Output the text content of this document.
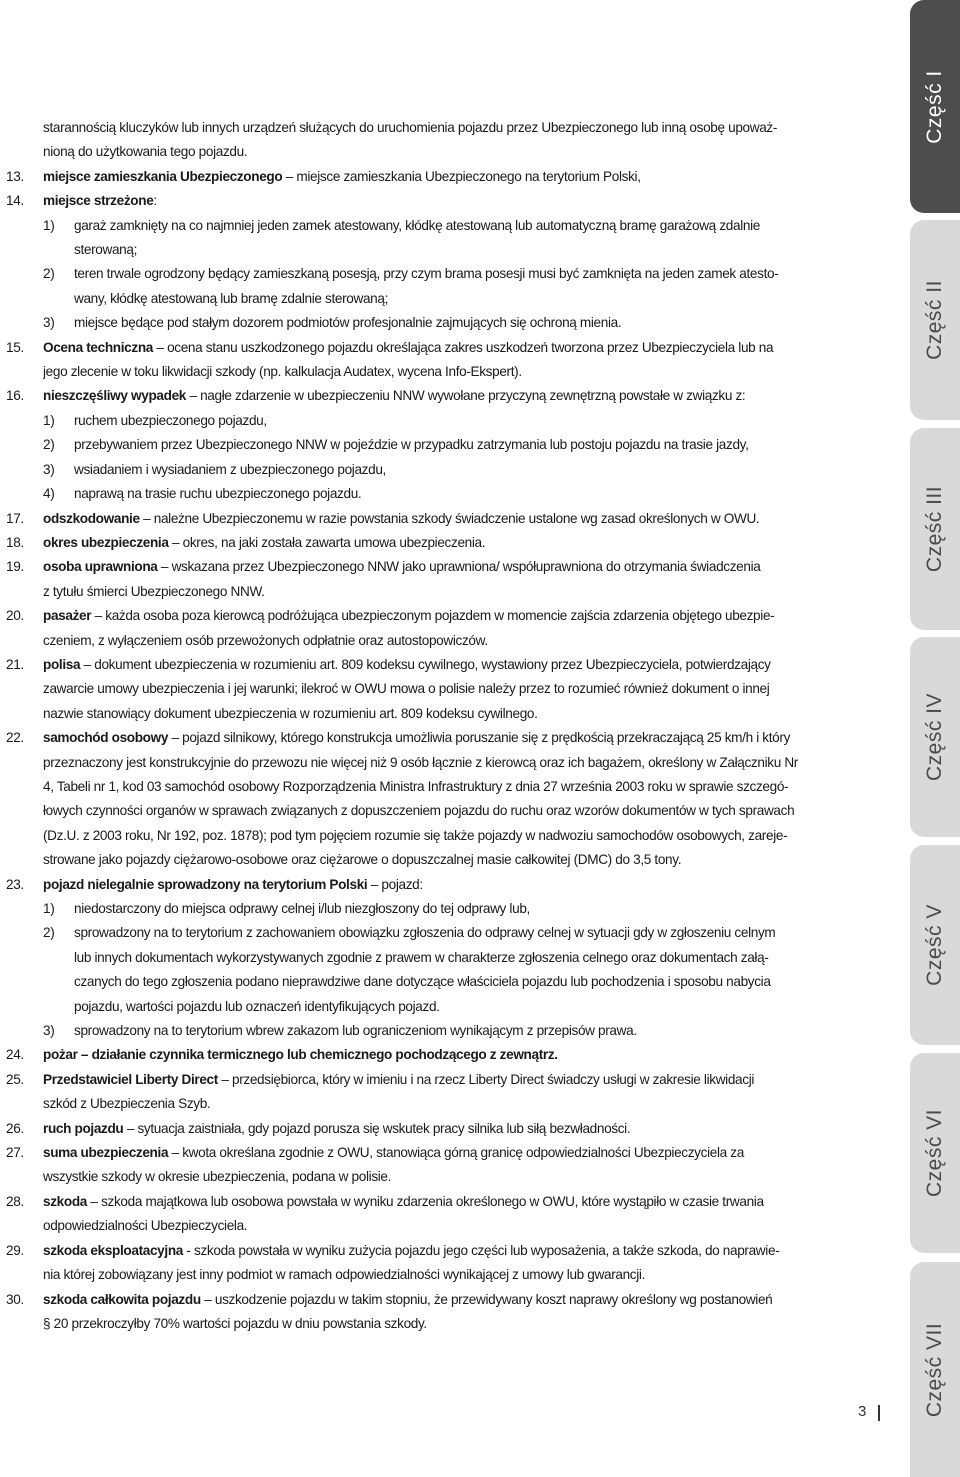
starannością kluczyków lub innych urządzeń służących do uruchomienia pojazdu przez Ubezpieczonego lub inną osobę upoważ-
nioną do użytkowania tego pojazdu.
13.	miejsce zamieszkania Ubezpieczonego – miejsce zamieszkania Ubezpieczonego na terytorium Polski,
14.	miejsce strzeżone:
1)	garaż zamknięty na co najmniej jeden zamek atestowany, kłódkę atestowaną lub automatyczną bramę garażową zdalnie
sterowaną;
2)	teren trwale ogrodzony będący zamieszkaną posesją, przy czym brama posesji musi być zamknięta na jeden zamek atesto-
wany, kłódkę atestowaną lub bramę zdalnie sterowaną;
3)	miejsce będące pod stałym dozorem podmiotów profesjonalnie zajmujących się ochroną mienia.
15.	Ocena techniczna – ocena stanu uszkodzonego pojazdu określająca zakres uszkodzeń tworzona przez Ubezpieczyciela lub na
jego zlecenie w toku likwidacji szkody (np. kalkulacja Audatex, wycena Info-Ekspert).
16.	nieszczęśliwy wypadek – nagłe zdarzenie w ubezpieczeniu NNW wywołane przyczyną zewnętrzną powstałe w związku z:
1)	ruchem ubezpieczonego pojazdu,
2)	przebywaniem przez Ubezpieczonego NNW w pojeździe w przypadku zatrzymania lub postoju pojazdu na trasie jazdy,
3)	wsiadaniem i wysiadaniem z ubezpieczonego pojazdu,
4)	naprawą na trasie ruchu ubezpieczonego pojazdu.
17.	odszkodowanie – należne Ubezpieczonemu w razie powstania szkody świadczenie ustalone wg zasad określonych w OWU.
18.	okres ubezpieczenia – okres, na jaki została zawarta umowa ubezpieczenia.
19.	osoba uprawniona – wskazana przez Ubezpieczonego NNW jako uprawniona/ współuprawniona do otrzymania świadczenia
z tytułu śmierci Ubezpieczonego NNW.
20.	pasażer – każda osoba poza kierowcą podróżująca ubezpieczonym pojazdem w momencie zajścia zdarzenia objętego ubezpie-
czeniem, z wyłączeniem osób przewożonych odpłatnie oraz autostopowiczów.
21.	polisa – dokument ubezpieczenia w rozumieniu art. 809 kodeksu cywilnego, wystawiony przez Ubezpieczyciela, potwierdzający
zawarcie umowy ubezpieczenia i jej warunki; ilekroć w OWU mowa o polisie należy przez to rozumieć również dokument o innej
nazwie stanowiący dokument ubezpieczenia w rozumieniu art. 809 kodeksu cywilnego.
22.	samochód osobowy – pojazd silnikowy, którego konstrukcja umożliwia poruszanie się z prędkością przekraczającą 25 km/h i który
przeznaczony jest konstrukcyjnie do przewozu nie więcej niż 9 osób łącznie z kierowcą oraz ich bagażem, określony w Załączniku Nr
4, Tabeli nr 1, kod 03 samochód osobowy Rozporządzenia Ministra Infrastruktury z dnia 27 września 2003 roku w sprawie szczegó-
łowych czynności organów w sprawach związanych z dopuszczeniem pojazdu do ruchu oraz wzorów dokumentów w tych sprawach
(Dz.U. z 2003 roku, Nr 192, poz. 1878); pod tym pojęciem rozumie się także pojazdy w nadwoziu samochodów osobowych, zareje-
strowane jako pojazdy ciężarowo-osobowe oraz ciężarowe o dopuszczalnej masie całkowitej (DMC) do 3,5 tony.
23.	pojazd nielegalnie sprowadzony na terytorium Polski – pojazd:
1)	niedostarczony do miejsca odprawy celnej i/lub niezgłoszony do tej odprawy lub,
2)	sprowadzony na to terytorium z zachowaniem obowiązku zgłoszenia do odprawy celnej w sytuacji gdy w zgłoszeniu celnym
lub innych dokumentach wykorzystywanych zgodnie z prawem w charakterze zgłoszenia celnego oraz dokumentach załą-
czanych do tego zgłoszenia podano nieprawdziwe dane dotyczące właściciela pojazdu lub pochodzenia i sposobu nabycia
pojazdu, wartości pojazdu lub oznaczeń identyfikujących pojazd.
3)	sprowadzony na to terytorium wbrew zakazom lub ograniczeniom wynikającym z przepisów prawa.
24.	pożar – działanie czynnika termicznego lub chemicznego pochodzącego z zewnątrz.
25.	Przedstawiciel Liberty Direct – przedsiębiorca, który w imieniu i na rzecz Liberty Direct świadczy usługi w zakresie likwidacji
szkód z Ubezpieczenia Szyb.
26.	ruch pojazdu – sytuacja zaistniała, gdy pojazd porusza się wskutek pracy silnika lub siłą bezwładności.
27.	suma ubezpieczenia – kwota określana zgodnie z OWU, stanowiąca górną granicę odpowiedzialności Ubezpieczyciela za
wszystkie szkody w okresie ubezpieczenia, podana w polisie.
28.	szkoda – szkoda majątkowa lub osobowa powstała w wyniku zdarzenia określonego w OWU, które wystąpiło w czasie trwania
odpowiedzialności Ubezpieczyciela.
29.	szkoda eksploatacyjna - szkoda powstała w wyniku zużycia pojazdu jego części lub wyposażenia, a także szkoda, do naprawie-
nia której zobowiązany jest inny podmiot w ramach odpowiedzialności wynikającej z umowy lub gwarancji.
30.	szkoda całkowita pojazdu – uszkodzenie pojazdu w takim stopniu, że przewidywany koszt naprawy określony wg postanowień
§ 20 przekroczyłby 70% wartości pojazdu w dniu powstania szkody.
3
Część I
Część II
Część III
Część IV
Część V
Część VI
Część VII
